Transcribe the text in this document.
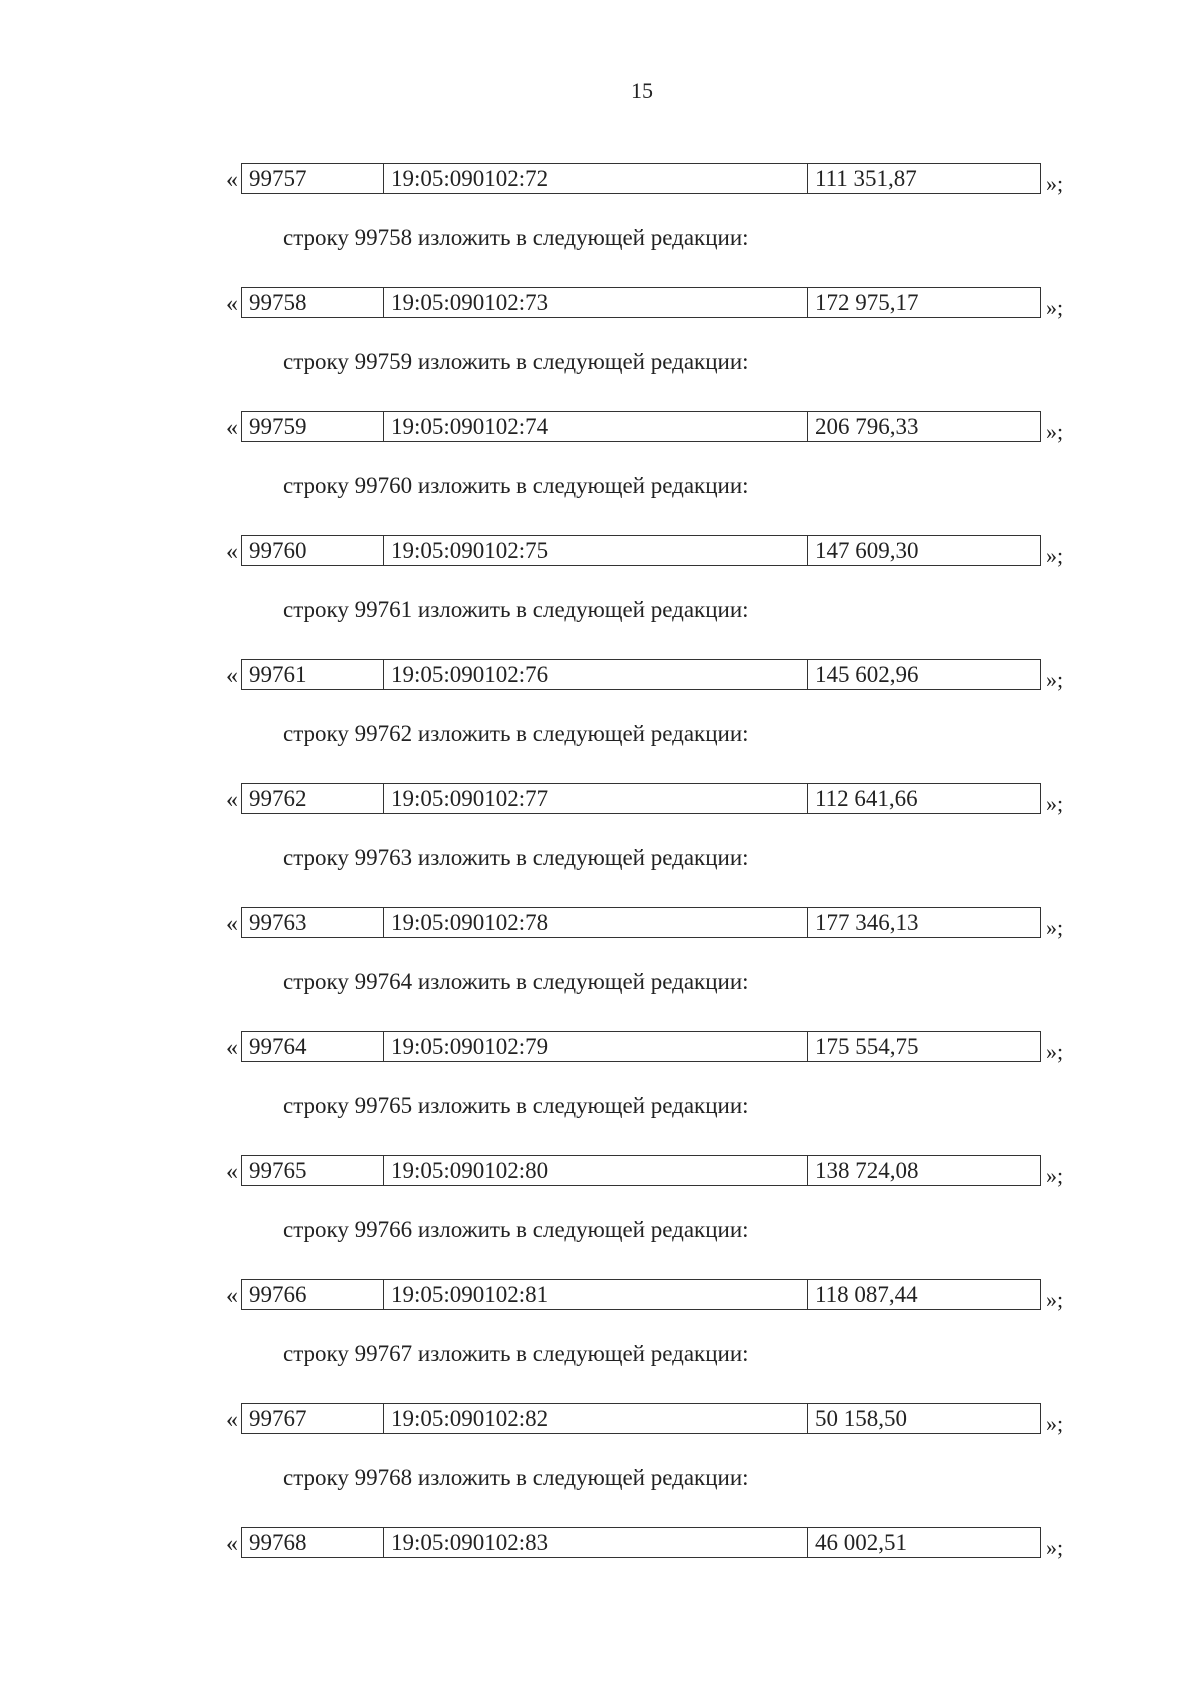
15
« 99757	19:05:090102:72	111 351,87	»;
строку 99758 изложить в следующей редакции:
« 99758	19:05:090102:73	172 975,17	»;
строку 99759 изложить в следующей редакции:
« 99759	19:05:090102:74	206 796,33	»;
строку 99760 изложить в следующей редакции:
« 99760	19:05:090102:75	147 609,30	»;
строку 99761 изложить в следующей редакции:
« 99761	19:05:090102:76	145 602,96	»;
строку 99762 изложить в следующей редакции:
« 99762	19:05:090102:77	112 641,66	»;
строку 99763 изложить в следующей редакции:
« 99763	19:05:090102:78	177 346,13	»;
строку 99764 изложить в следующей редакции:
« 99764	19:05:090102:79	175 554,75	»;
строку 99765 изложить в следующей редакции:
« 99765	19:05:090102:80	138 724,08	»;
строку 99766 изложить в следующей редакции:
« 99766	19:05:090102:81	118 087,44	»;
строку 99767 изложить в следующей редакции:
« 99767	19:05:090102:82	50 158,50	»;
строку 99768 изложить в следующей редакции:
« 99768	19:05:090102:83	46 002,51	»;
